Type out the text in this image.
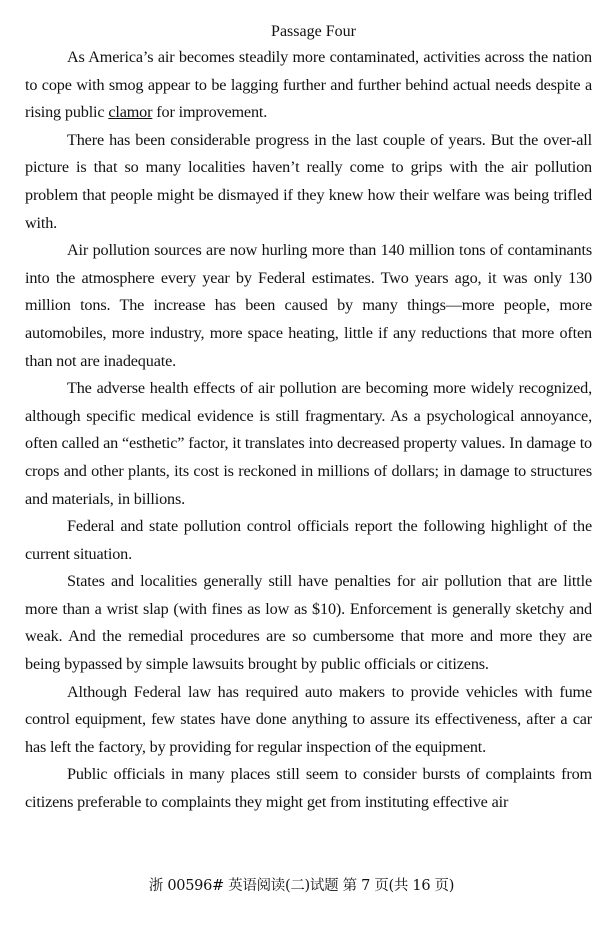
Passage Four

As America’s air becomes steadily more contaminated, activities across the nation to cope with smog appear to be lagging further and further behind actual needs despite a rising public clamor for improvement.

There has been considerable progress in the last couple of years. But the over-all picture is that so many localities haven’t really come to grips with the air pollution problem that people might be dismayed if they knew how their welfare was being trifled with.

Air pollution sources are now hurling more than 140 million tons of contaminants into the atmosphere every year by Federal estimates. Two years ago, it was only 130 million tons. The increase has been caused by many things—more people, more automobiles, more industry, more space heating, little if any reductions that more often than not are inadequate.

The adverse health effects of air pollution are becoming more widely recognized, although specific medical evidence is still fragmentary. As a psychological annoyance, often called an “esthetic” factor, it translates into decreased property values. In damage to crops and other plants, its cost is reckoned in millions of dollars; in damage to structures and materials, in billions.

Federal and state pollution control officials report the following highlight of the current situation.

States and localities generally still have penalties for air pollution that are little more than a wrist slap (with fines as low as $10). Enforcement is generally sketchy and weak. And the remedial procedures are so cumbersome that more and more they are being bypassed by simple lawsuits brought by public officials or citizens.

Although Federal law has required auto makers to provide vehicles with fume control equipment, few states have done anything to assure its effectiveness, after a car has left the factory, by providing for regular inspection of the equipment.

Public officials in many places still seem to consider bursts of complaints from citizens preferable to complaints they might get from instituting effective air

浙 00596# 英语阅读(二)试题 第 7 页(共 16 页)
